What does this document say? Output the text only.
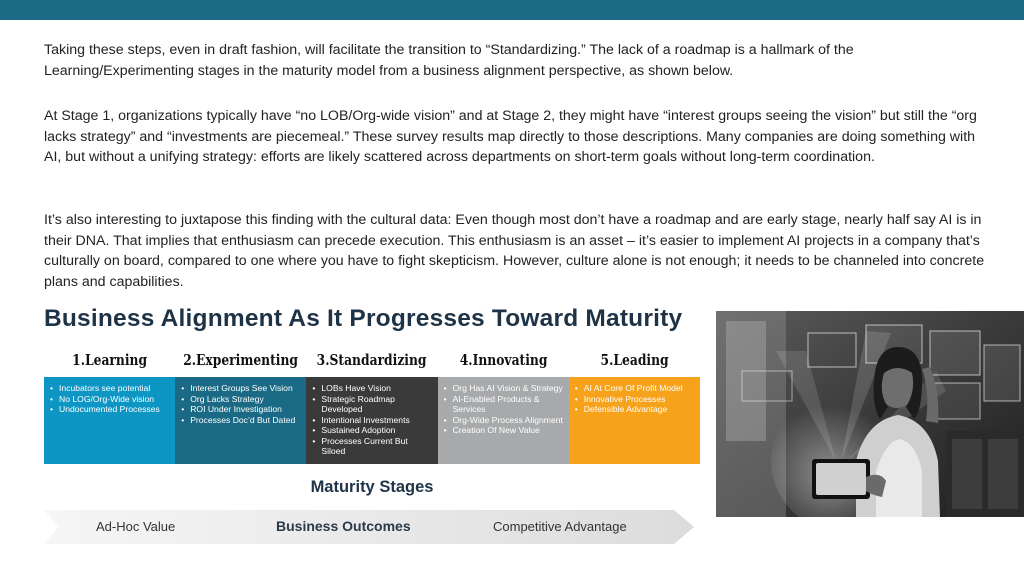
Taking these steps, even in draft fashion, will facilitate the transition to “Standardizing.” The lack of a roadmap is a hallmark of the Learning/Experimenting stages in the maturity model from a business alignment perspective, as shown below.

At Stage 1, organizations typically have “no LOB/Org-wide vision” and at Stage 2, they might have “interest groups seeing the vision” but still the “org lacks strategy” and “investments are piecemeal.” These survey results map directly to those descriptions. Many companies are doing something with AI, but without a unifying strategy: efforts are likely scattered across departments on short-term goals without long-term coordination.

It’s also interesting to juxtapose this finding with the cultural data: Even though most don’t have a roadmap and are early stage, nearly half say AI is in their DNA. That implies that enthusiasm can precede execution. This enthusiasm is an asset – it’s easier to implement AI projects in a company that’s culturally on board, compared to one where you have to fight skepticism. However, culture alone is not enough; it needs to be channeled into concrete plans and capabilities.

Business Alignment As It Progresses Toward Maturity
1.Learning
• Incubators see potential
• No LOG/Org-Wide vision
• Undocumented Processes
2.Experimenting
• Interest Groups See Vision
• Org Lacks Strategy
• ROI Under Investigation
• Processes Doc’d But Dated
3.Standardizing
• LOBs Have Vision
• Strategic Roadmap Developed
• Intentional Investments
• Sustained Adoption
• Processes Current But Siloed
4.Innovating
• Org Has AI Vision & Strategy
• AI-Enabled Products & Services
• Org-Wide Process Alignment
• Creation Of New Value
5.Leading
• AI At Core Of Profit Model
• Innovative Processes
• Defensible Advantage
Maturity Stages
Ad-Hoc Value	Business Outcomes	Competitive Advantage
